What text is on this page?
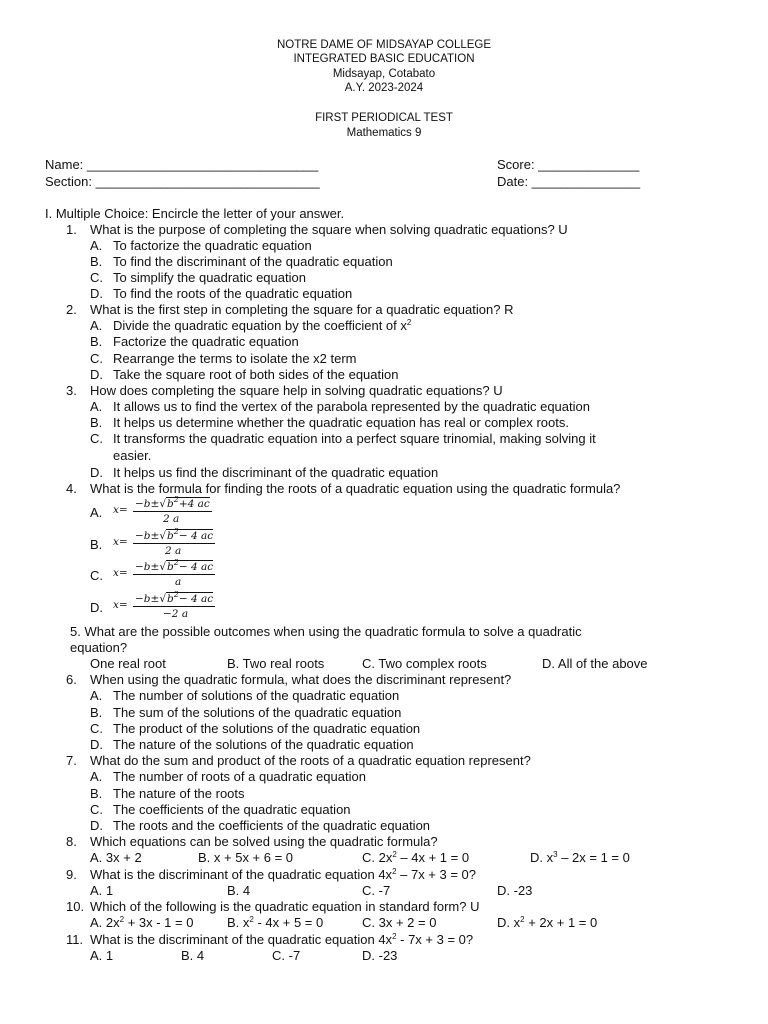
NOTRE DAME OF MIDSAYAP COLLEGE
INTEGRATED BASIC EDUCATION
Midsayap, Cotabato
A.Y. 2023-2024
FIRST PERIODICAL TEST
Mathematics 9
Name: ________________________________	Score: ______________
Section: _______________________________	Date: _______________
I. Multiple Choice: Encircle the letter of your answer.
1. What is the purpose of completing the square when solving quadratic equations? U
A. To factorize the quadratic equation
B. To find the discriminant of the quadratic equation
C. To simplify the quadratic equation
D. To find the roots of the quadratic equation
2. What is the first step in completing the square for a quadratic equation? R
A. Divide the quadratic equation by the coefficient of $x^2$
B. Factorize the quadratic equation
C. Rearrange the terms to isolate the x2 term
D. Take the square root of both sides of the equation
3. How does completing the square help in solving quadratic equations? U
A. It allows us to find the vertex of the parabola represented by the quadratic equation
B. It helps us determine whether the quadratic equation has real or complex roots.
C. It transforms the quadratic equation into a perfect square trinomial, making solving it
easier.
D. It helps us find the discriminant of the quadratic equation
4. What is the formula for finding the roots of a quadratic equation using the quadratic formula?
A. $x= -b\pm√b^2+4$ ac
2 a
B. $x= -b\pm√b^2- 4$ ac
2 a
C. $x= -b\pm√b^2- 4$ ac
a
D. $x= -b\pm√b^2- 4$ ac
−2 a
5. What are the possible outcomes when using the quadratic formula to solve a quadratic
equation?
One real root	B. Two real roots	C. Two complex roots	D. All of the above
6. When using the quadratic formula, what does the discriminant represent?
A. The number of solutions of the quadratic equation
B. The sum of the solutions of the quadratic equation
C. The product of the solutions of the quadratic equation
D. The nature of the solutions of the quadratic equation
7. What do the sum and product of the roots of a quadratic equation represent?
A. The number of roots of a quadratic equation
B. The nature of the roots
C. The coefficients of the quadratic equation
D. The roots and the coefficients of the quadratic equation
8. Which equations can be solved using the quadratic formula?
A. 3x + 2	B. x + 5x + 6 = 0	C. $2x^2 - 4x + 1 = 0$	D. $x^3 - 2x = 1 = 0$
9. What is the discriminant of the quadratic equation $4x^2 - 7x + 3 = 0$?
A. 1	B. 4	C. -7	D. -23
10. Which of the following is the quadratic equation in standard form? U
A. $2x^2 + 3x - 1 = 0$	B. $x^2 - 4x + 5 = 0$	C. 3x + 2 = 0	D. $x^2 + 2x + 1 = 0$
11. What is the discriminant of the quadratic equation $4x^2 - 7x + 3 = 0$?
A. 1	B. 4	C. -7	D. -23
